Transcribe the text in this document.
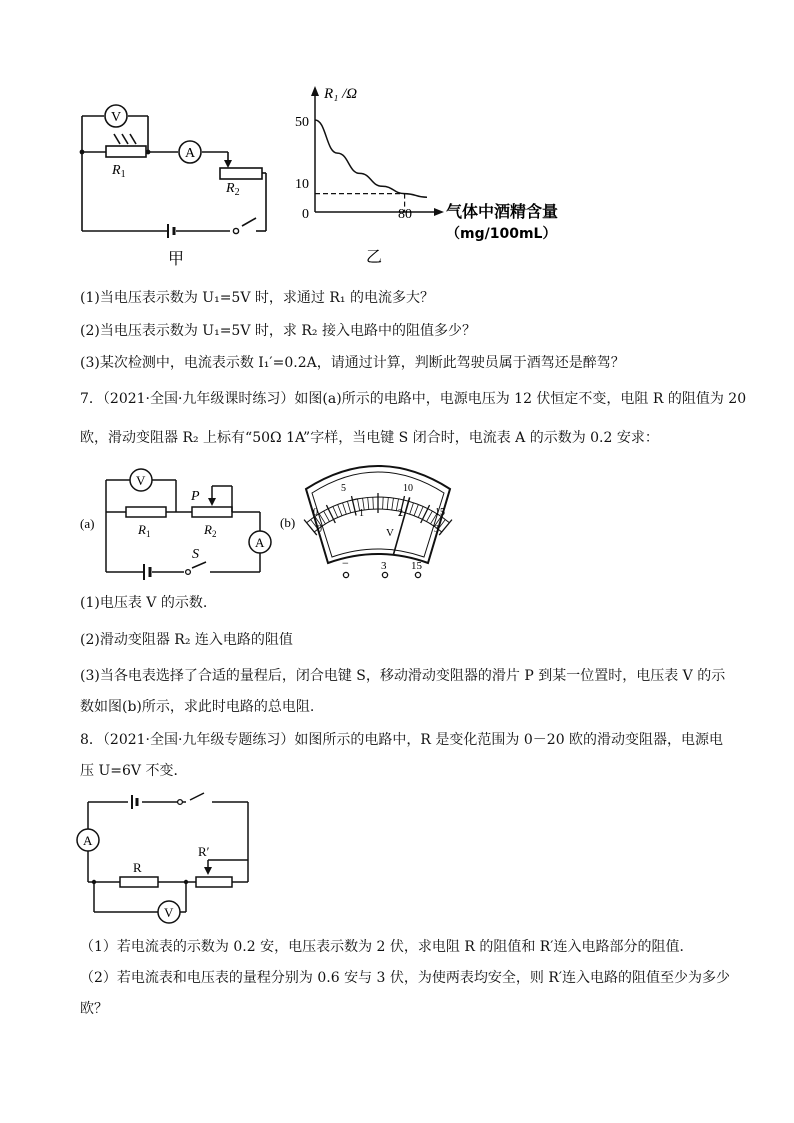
V
A
$R_1$
$R_2$
甲
R₁ /Ω
50
10
0	80 气体中酒精含量
（mg/100mL）
乙
(1)当电压表示数为 U₁=5V 时，求通过 R₁ 的电流多大？
(2)当电压表示数为 U₁=5V 时，求 R₂ 接入电路中的阻值多少？
(3)某次检测中，电流表示数 I₁′=0.2A，请通过计算，判断此驾驶员属于酒驾还是醉驾？
7．（2021·全国·九年级课时练习）如图(a)所示的电路中，电源电压为 12 伏恒定不变，电阻 R 的阻值为 20
欧，滑动变阻器 R₂ 上标有“50Ω 1A”字样，当电键 S 闭合时，电流表 A 的示数为 0.2 安求：
V
A
(a)
P
$R_1$	$R_2$
S
(b)
0
5	10
15
0
1	2
3
V
−	3 15
(1)电压表 V 的示数.
(2)滑动变阻器 R₂ 连入电路的阻值
(3)当各电表选择了合适的量程后，闭合电键 S，移动滑动变阻器的滑片 P 到某一位置时，电压表 V 的示
数如图(b)所示，求此时电路的总电阻.
8．（2021·全国·九年级专题练习）如图所示的电路中，R 是变化范围为 0－20 欧的滑动变阻器，电源电
压 U=6V 不变．
A
V
R
R′
（1）若电流表的示数为 0.2 安，电压表示数为 2 伏，求电阻 R 的阻值和 R′连入电路部分的阻值．
（2）若电流表和电压表的量程分别为 0.6 安与 3 伏，为使两表均安全，则 R′连入电路的阻值至少为多少
欧？
